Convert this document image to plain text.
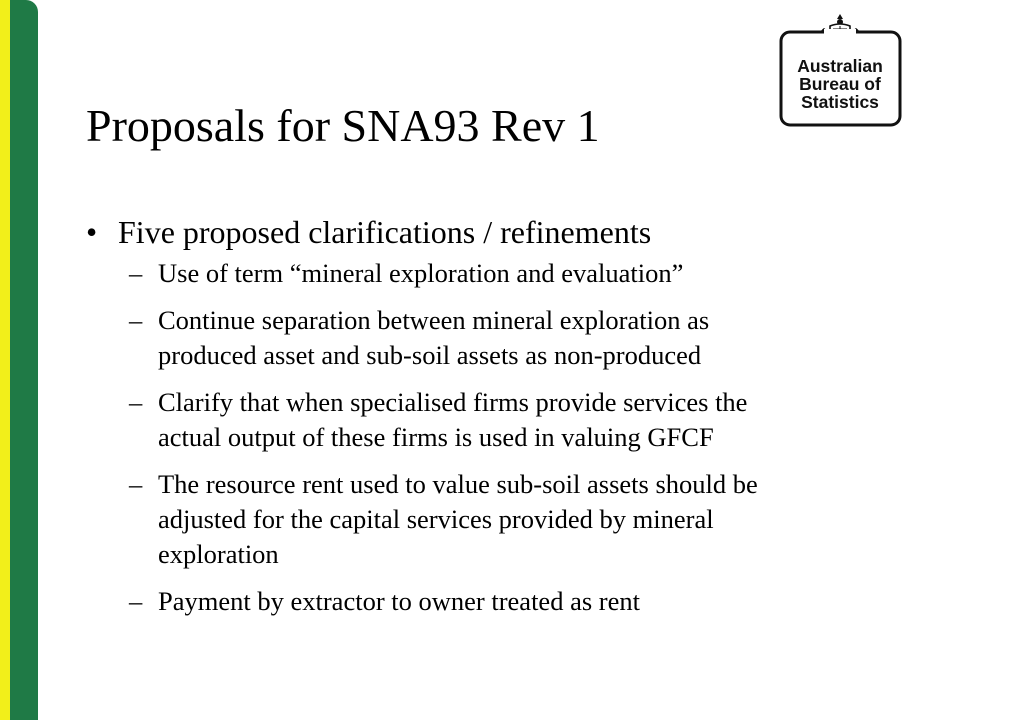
Proposals for SNA93 Rev 1
Australian
Bureau of
Statistics
• Five proposed clarifications / refinements
– Use of term “mineral exploration and evaluation”
– Continue separation between mineral exploration as
produced asset and sub-soil assets as non-produced
– Clarify that when specialised firms provide services the
actual output of these firms is used in valuing GFCF
– The resource rent used to value sub-soil assets should be
adjusted for the capital services provided by mineral
exploration
– Payment by extractor to owner treated as rent
